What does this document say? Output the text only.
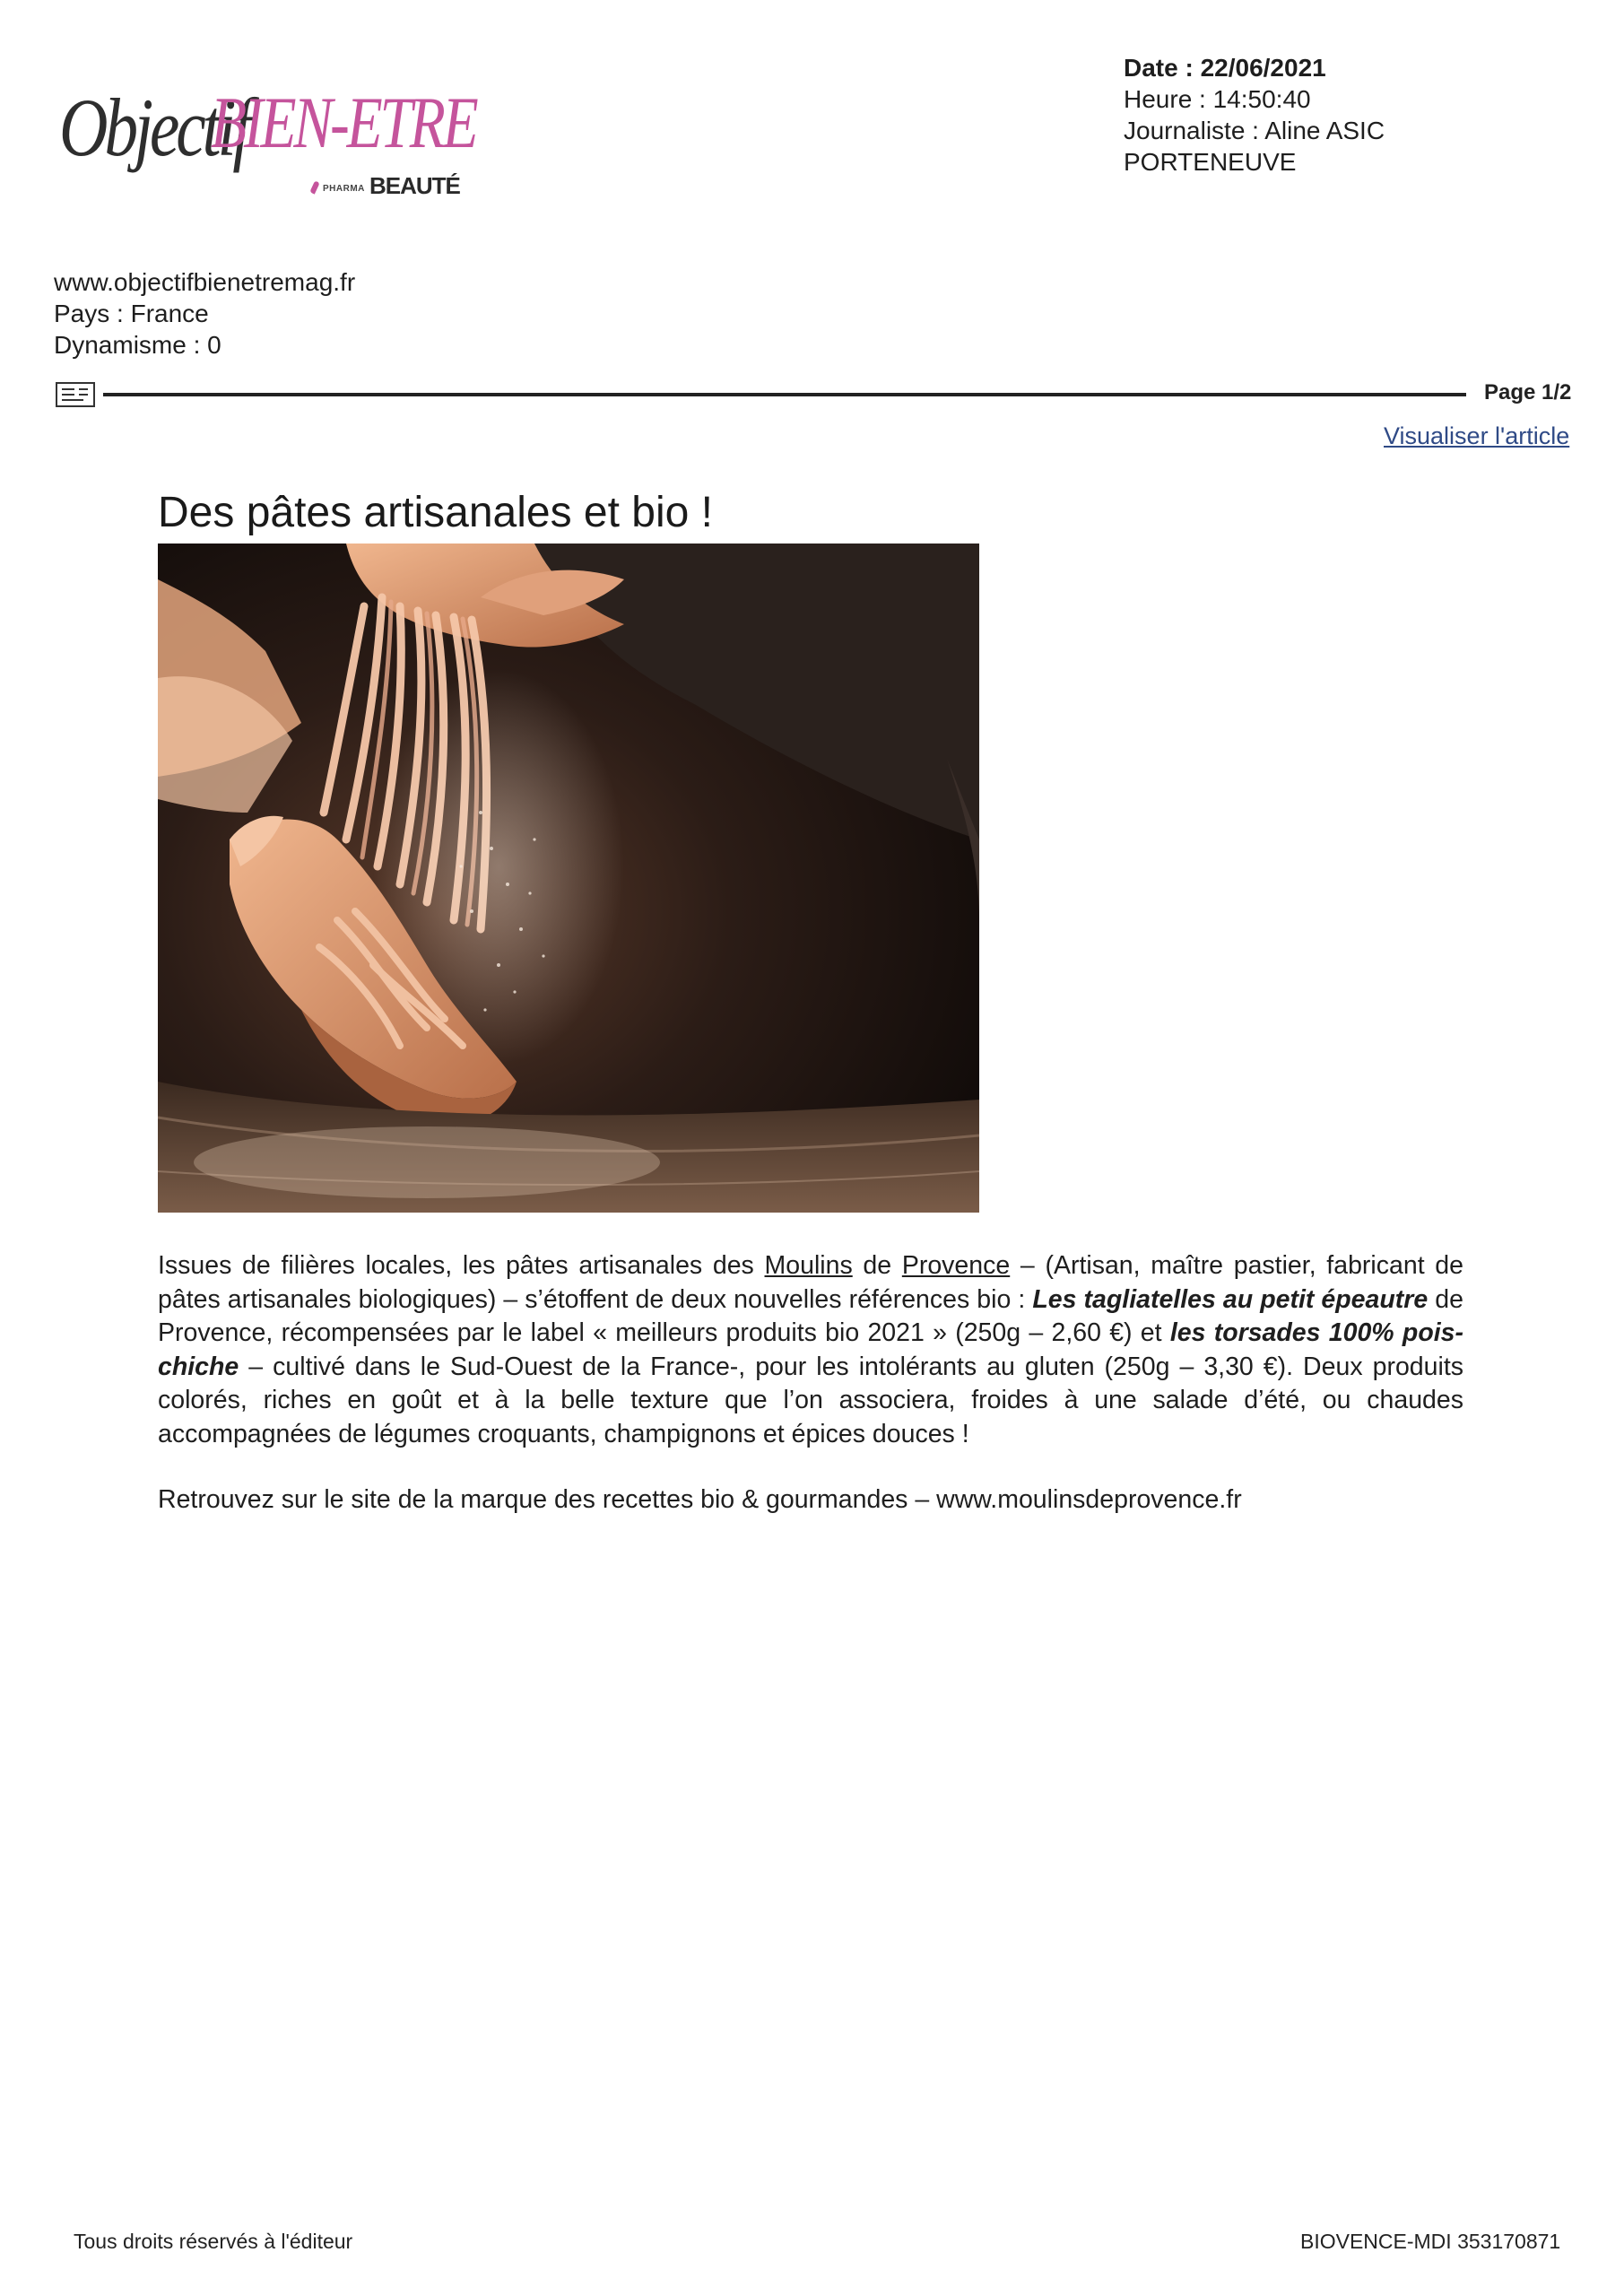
Objectif
BIEN-ETRE
PHARMA BEAUTÉ
Date : 22/06/2021
Heure : 14:50:40
Journaliste : Aline ASIC
PORTENEUVE
www.objectifbienetremag.fr
Pays : France
Dynamisme : 0
Page 1/2
Visualiser l'article
Des pâtes artisanales et bio !

Issues de filières locales, les pâtes artisanales des Moulins de Provence – (Artisan, maître pastier, fabricant de pâtes artisanales biologiques) – s’étoffent de deux nouvelles références bio : Les tagliatelles au petit épeautre de Provence, récompensées par le label « meilleurs produits bio 2021 » (250g – 2,60 €) et les torsades 100% pois-chiche – cultivé dans le Sud-Ouest de la France-, pour les intolérants au gluten (250g – 3,30 €). Deux produits colorés, riches en goût et à la belle texture que l’on associera, froides à une salade d’été, ou chaudes accompagnées de légumes croquants, champignons et épices douces !

Retrouvez sur le site de la marque des recettes bio & gourmandes – www.moulinsdeprovence.fr

Tous droits réservés à l'éditeur	BIOVENCE-MDI 353170871
